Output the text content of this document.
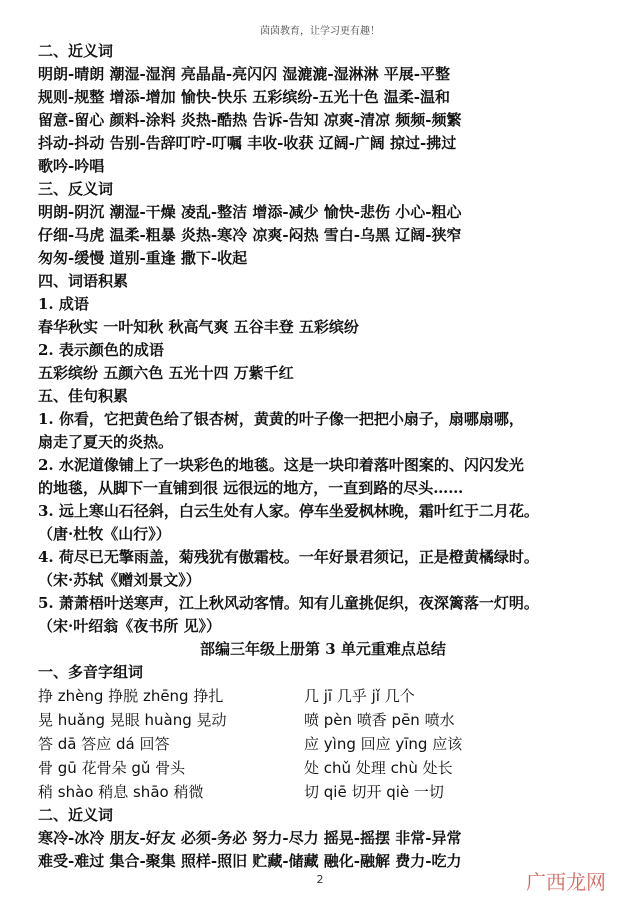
茵茵教育，让学习更有趣！
二、近义词
明朗-晴朗 潮湿-湿润 亮晶晶-亮闪闪 湿漉漉-湿淋淋 平展-平整
规则-规整 增添-增加 愉快-快乐 五彩缤纷-五光十色 温柔-温和
留意-留心 颜料-涂料 炎热-酷热 告诉-告知 凉爽-清凉 频频-频繁
抖动-抖动 告别-告辞叮咛-叮嘱 丰收-收获 辽阔-广阔 掠过-拂过
歌吟-吟唱
三、反义词
明朗-阴沉 潮湿-干燥 凌乱-整洁 增添-减少 愉快-悲伤 小心-粗心
仔细-马虎 温柔-粗暴 炎热-寒冷 凉爽-闷热 雪白-乌黑 辽阔-狭窄
匆匆-缓慢 道别-重逢 撒下-收起
四、词语积累
1. 成语
春华秋实 一叶知秋 秋高气爽 五谷丰登 五彩缤纷
2. 表示颜色的成语
五彩缤纷 五颜六色 五光十四 万紫千红
五、佳句积累
1. 你看，它把黄色给了银杏树，黄黄的叶子像一把把小扇子，扇哪扇哪，
扇走了夏天的炎热。
2. 水泥道像铺上了一块彩色的地毯。这是一块印着落叶图案的、闪闪发光
的地毯，从脚下一直铺到很 远很远的地方，一直到路的尽头……
3. 远上寒山石径斜，白云生处有人家。停车坐爱枫林晚，霜叶红于二月花。
（唐·杜牧《山行》）
4. 荷尽已无擎雨盖，菊残犹有傲霜枝。一年好景君须记，正是橙黄橘绿时。
（宋·苏轼《赠刘景文》）
5. 萧萧梧叶送寒声，江上秋风动客情。知有儿童挑促织，夜深篱落一灯明。
（宋·叶绍翁《夜书所 见》）
部编三年级上册第 3 单元重难点总结
一、多音字组词
挣 zhèng 挣脱 zhēng 挣扎	几 jī 几乎 jǐ 几个
晃 huǎng 晃眼 huàng 晃动	喷 pèn 喷香 pēn 喷水
答 dā 答应 dá 回答	应 yìng 回应 yīng 应该
骨 gū 花骨朵 gǔ 骨头	处 chǔ 处理 chù 处长
稍 shào 稍息 shāo 稍微	切 qiē 切开 qiè 一切
二、近义词
寒冷-冰冷 朋友-好友 必须-务必 努力-尽力 摇晃-摇摆 非常-异常
难受-难过 集合-聚集 照样-照旧 贮藏-储藏 融化-融解 费力-吃力
2	广西龙网
